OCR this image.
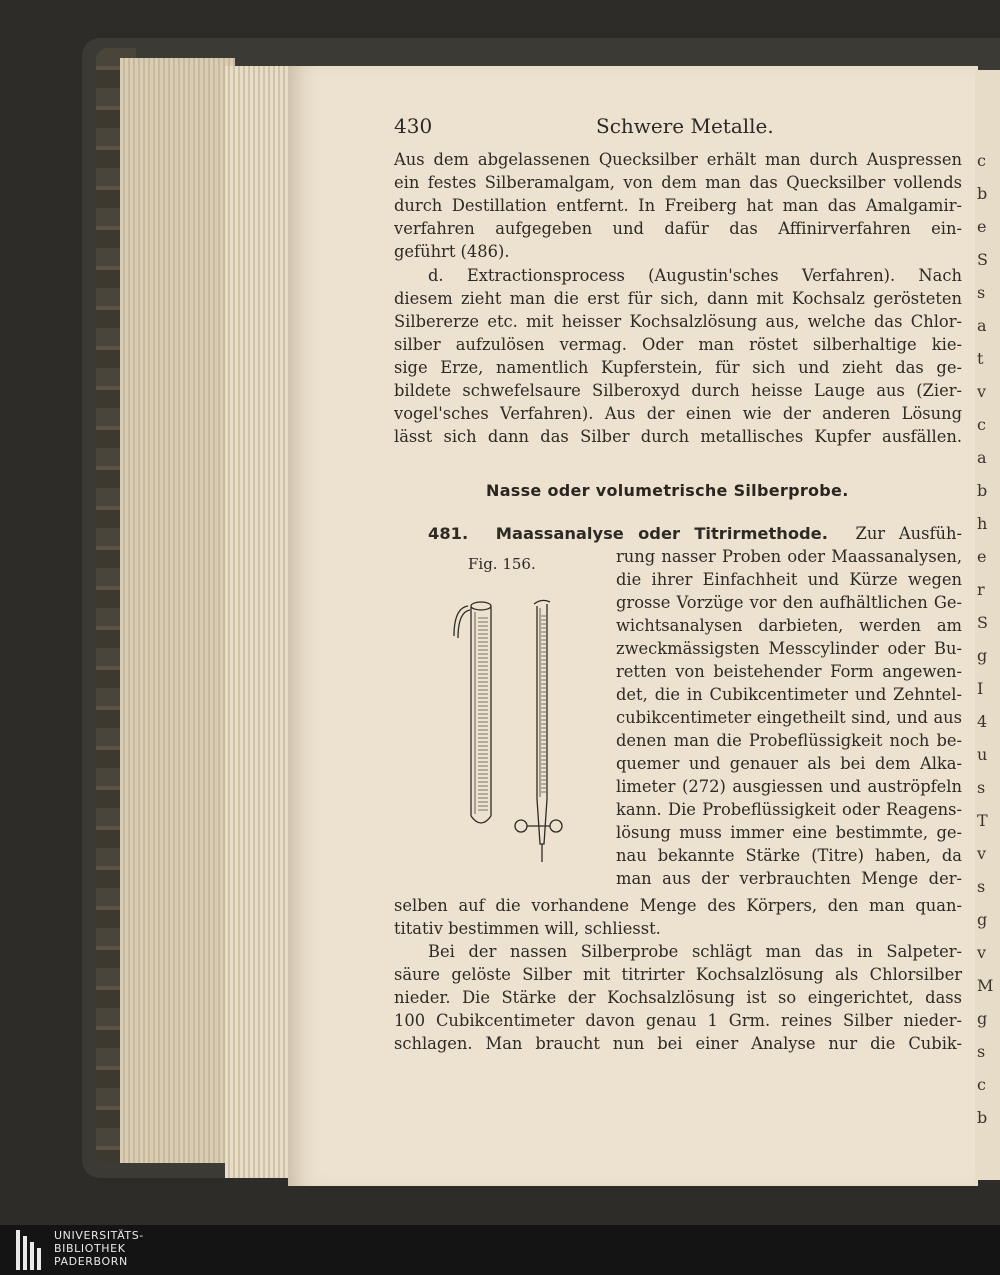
c
b
e
S
s
a
t
v
c
a
b
h
e
r
S
g
I
4
u
s
T
v
s
g
v
M
g
s
c
b
430	Schwere Metalle.
Aus dem abgelassenen Quecksilber erhält man durch Auspressen
ein festes Silberamalgam, von dem man das Quecksilber vollends
durch Destillation entfernt. In Freiberg hat man das Amalgamir-
verfahren aufgegeben und dafür das Affinirverfahren ein-
geführt (486).
d. Extractionsprocess (Augustin'sches Verfahren). Nach
diesem zieht man die erst für sich, dann mit Kochsalz gerösteten
Silbererze etc. mit heisser Kochsalzlösung aus, welche das Chlor-
silber aufzulösen vermag. Oder man röstet silberhaltige kie-
sige Erze, namentlich Kupferstein, für sich und zieht das ge-
bildete schwefelsaure Silberoxyd durch heisse Lauge aus (Zier-
vogel'sches Verfahren). Aus der einen wie der anderen Lösung
lässt sich dann das Silber durch metallisches Kupfer ausfällen.
Nasse oder volumetrische Silberprobe.
481. Maassanalyse oder Titrirmethode. Zur Ausfüh-
Fig. 156.	rung nasser Proben oder Maassanalysen,
die ihrer Einfachheit und Kürze wegen
grosse Vorzüge vor den aufhältlichen Ge-
wichtsanalysen darbieten, werden am
zweckmässigsten Messcylinder oder Bu-
retten von beistehender Form angewen-
det, die in Cubikcentimeter und Zehntel-
cubikcentimeter eingetheilt sind, und aus
denen man die Probeflüssigkeit noch be-
quemer und genauer als bei dem Alka-
limeter (272) ausgiessen und auströpfeln
kann. Die Probeflüssigkeit oder Reagens-
lösung muss immer eine bestimmte, ge-
nau bekannte Stärke (Titre) haben, da
man aus der verbrauchten Menge der-
selben auf die vorhandene Menge des Körpers, den man quan-
titativ bestimmen will, schliesst.
Bei der nassen Silberprobe schlägt man das in Salpeter-
säure gelöste Silber mit titrirter Kochsalzlösung als Chlorsilber
nieder. Die Stärke der Kochsalzlösung ist so eingerichtet, dass
100 Cubikcentimeter davon genau 1 Grm. reines Silber nieder-
schlagen. Man braucht nun bei einer Analyse nur die Cubik-
UNIVERSITÄTS-
BIBLIOTHEK
PADERBORN
